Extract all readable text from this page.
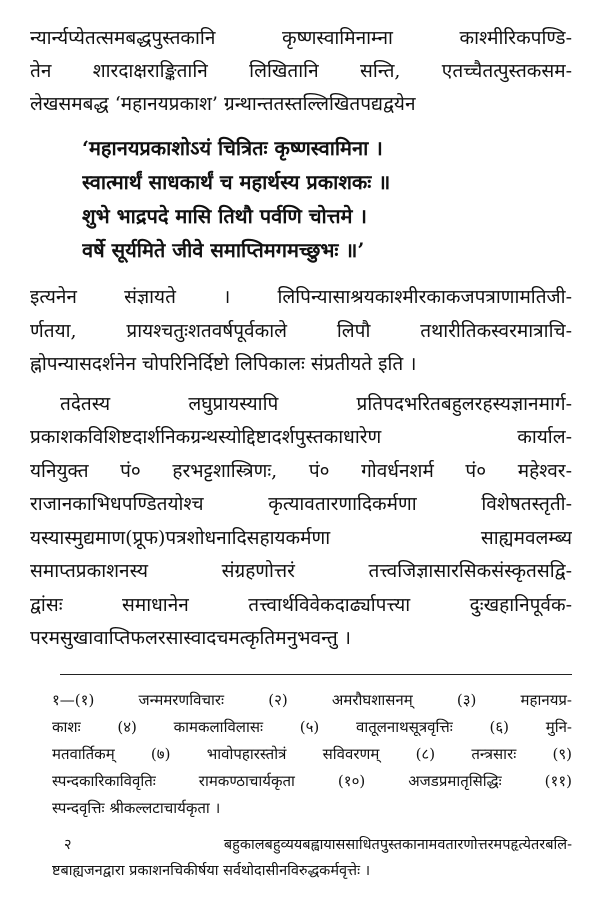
न्यार्न्यप्येतत्समबद्धपुस्तकानि कृष्णस्वामिनाम्ना काश्मीरिकपण्डि-
तेन शारदाक्षराङ्कितानि लिखितानि सन्ति, एतच्चैतत्पुस्तकसम-
लेखसमबद्ध ‘महानयप्रकाश’ ग्रन्थान्ततस्तल्लिखितपद्यद्वयेन
‘महानयप्रकाशोऽयं चित्रितः कृष्णस्वामिना ।
स्वात्मार्थं साधकार्थं च महार्थस्य प्रकाशकः ॥
शुभे भाद्रपदे मासि तिथौ पर्वणि चोत्तमे ।
वर्षे सूर्यमिते जीवे समाप्तिमगमच्छुभः ॥’
इत्यनेन संज्ञायते । लिपिन्यासाश्रयकाश्मीरकाकजपत्राणामतिजी-
र्णतया, प्रायश्चतुःशतवर्षपूर्वकाले लिपौ तथारीतिकस्वरमात्राचि-
ह्नोपन्यासदर्शनेन चोपरिनिर्दिष्टो लिपिकालः संप्रतीयते इति ।
तदेतस्य लघुप्रायस्यापि प्रतिपदभरितबहुलरहस्यज्ञानमार्ग-
प्रकाशकविशिष्टदार्शनिकग्रन्थस्योद्दिष्टादर्शपुस्तकाधारेण कार्याल-
यनियुक्त पं० हरभट्टशास्त्रिणः, पं० गोवर्धनशर्म पं० महेश्वर-
राजानकाभिधपण्डितयोश्च कृत्यावतारणादिकर्मणा विशेषतस्तृती-
यस्यास्मुद्यमाण(प्रूफ)पत्रशोधनादिसहायकर्मणा साह्यमवलम्ब्य
समाप्तप्रकाशनस्य संग्रहणोत्तरं तत्त्वजिज्ञासारसिकसंस्कृतसद्वि-
द्वांसः समाधानेन तत्त्वार्थविवेकदार्ढ्यापत्त्या दुःखहानिपूर्वक-
परमसुखावाप्तिफलरसास्वादचमत्कृतिमनुभवन्तु ।
१—(१) जन्ममरणविचारः (२) अमरौघशासनम् (३) महानयप्र-
काशः (४) कामकलाविलासः (५) वातूलनाथसूत्रवृत्तिः (६) मुनि-
मतवार्तिकम् (७) भावोपहारस्तोत्रं सविवरणम् (८) तन्त्रसारः (९)
स्पन्दकारिकाविवृतिः रामकण्ठाचार्यकृता (१०) अजडप्रमातृसिद्धिः (११)
स्पन्दवृत्तिः श्रीकल्लटाचार्यकृता ।
२ बहुकालबहुव्ययबह्वायाससाधितपुस्तकानामवतारणोत्तरमपहृत्येतरबलि-
ष्टबाह्यजनद्वारा प्रकाशनचिकीर्षया सर्वथोदासीनविरुद्धकर्मवृत्तेः ।
